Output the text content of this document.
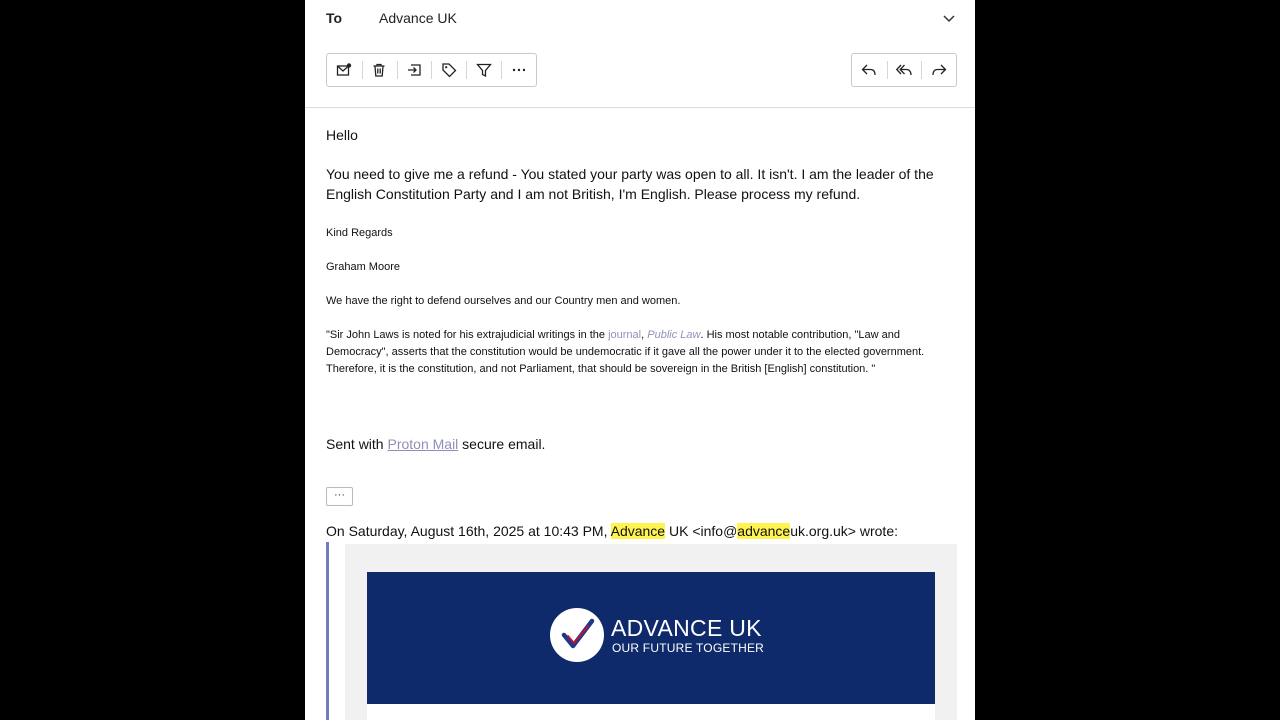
To	Advance UK
Hello
You need to give me a refund - You stated your party was open to all. It isn't. I am the leader of the English Constitution Party and I am not British, I'm English. Please process my refund.
Kind Regards
Graham Moore
We have the right to defend ourselves and our Country men and women.
"Sir John Laws is noted for his extrajudicial writings in the journal, Public Law. His most notable contribution, "Law and Democracy", asserts that the constitution would be undemocratic if it gave all the power under it to the elected government. Therefore, it is the constitution, and not Parliament, that should be sovereign in the British [English] constitution. "
Sent with Proton Mail secure email.
···
On Saturday, August 16th, 2025 at 10:43 PM, Advance UK <info@advanceuk.org.uk> wrote:
ADVANCE UK
OUR FUTURE TOGETHER
